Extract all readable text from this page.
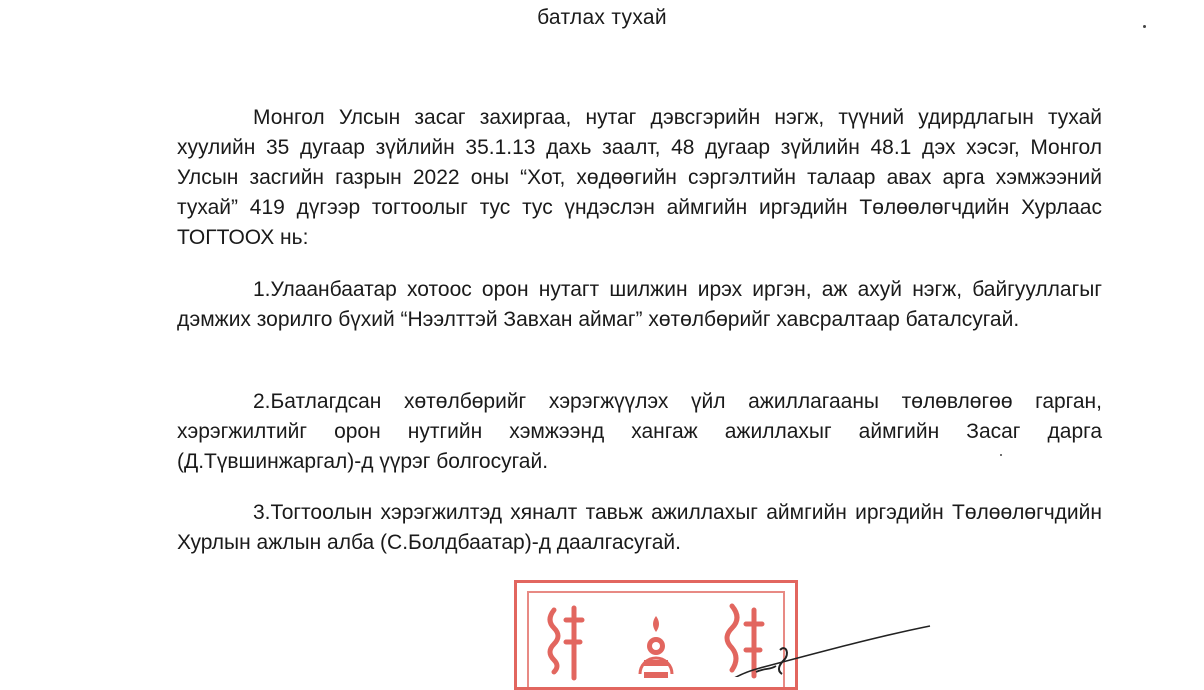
батлах тухай
Монгол Улсын засаг захиргаа, нутаг дэвсгэрийн нэгж, түүний удирдлагын тухай хуулийн 35 дугаар зүйлийн 35.1.13 дахь заалт, 48 дугаар зүйлийн 48.1 дэх хэсэг, Монгол Улсын засгийн газрын 2022 оны “Хот, хөдөөгийн сэргэлтийн талаар авах арга хэмжээний тухай” 419 дүгээр тогтоолыг тус тус үндэслэн аймгийн иргэдийн Төлөөлөгчдийн Хурлаас ТОГТООХ нь:
1.Улаанбаатар хотоос орон нутагт шилжин ирэх иргэн, аж ахуй нэгж, байгууллагыг дэмжих зорилго бүхий “Нээлттэй Завхан аймаг” хөтөлбөрийг хавсралтаар баталсугай.
2.Батлагдсан хөтөлбөрийг хэрэгжүүлэх үйл ажиллагааны төлөвлөгөө гарган, хэрэгжилтийг орон нутгийн хэмжээнд хангаж ажиллахыг аймгийн Засаг дарга (Д.Түвшинжаргал)-д үүрэг болгосугай.
3.Тогтоолын хэрэгжилтэд хяналт тавьж ажиллахыг аймгийн иргэдийн Төлөөлөгчдийн Хурлын ажлын алба (С.Болдбаатар)-д даалгасугай.
